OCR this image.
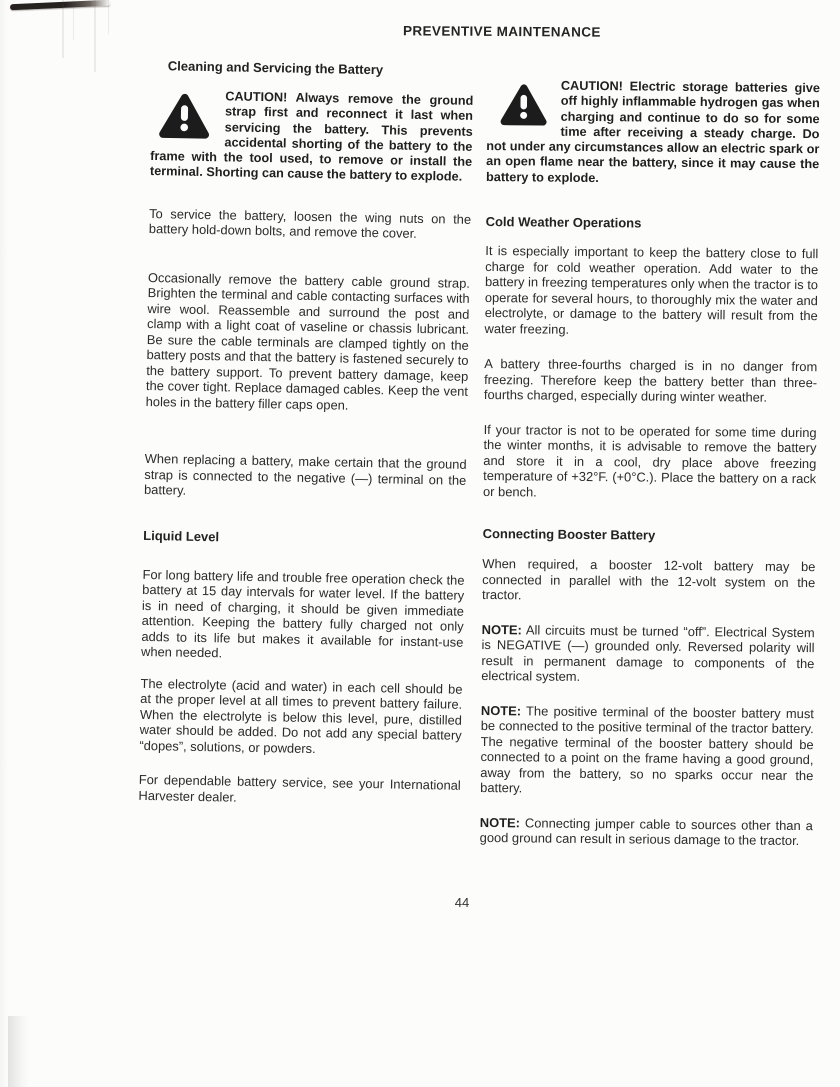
PREVENTIVE MAINTENANCE
Cleaning and Servicing the Battery

CAUTION! Always remove the ground strap first and reconnect it last when servicing the battery. This prevents accidental shorting of the battery to the frame with the tool used, to remove or install the terminal. Shorting can cause the battery to explode.

To service the battery, loosen the wing nuts on the battery hold-down bolts, and remove the cover.

Occasionally remove the battery cable ground strap. Brighten the terminal and cable contacting surfaces with wire wool. Reassemble and surround the post and clamp with a light coat of vaseline or chassis lubricant. Be sure the cable terminals are clamped tightly on the battery posts and that the battery is fastened securely to the battery support. To prevent battery damage, keep the cover tight. Replace damaged cables. Keep the vent holes in the battery filler caps open.

When replacing a battery, make certain that the ground strap is connected to the negative (—) terminal on the battery.

Liquid Level

For long battery life and trouble free operation check the battery at 15 day intervals for water level. If the battery is in need of charging, it should be given immediate attention. Keeping the battery fully charged not only adds to its life but makes it available for instant-use when needed.

The electrolyte (acid and water) in each cell should be at the proper level at all times to prevent battery failure. When the electrolyte is below this level, pure, distilled water should be added. Do not add any special battery “dopes”, solutions, or powders.

For dependable battery service, see your International Harvester dealer.

CAUTION! Electric storage batteries give off highly inflammable hydrogen gas when charging and continue to do so for some time after receiving a steady charge. Do not under any circumstances allow an electric spark or an open flame near the battery, since it may cause the battery to explode.

Cold Weather Operations

It is especially important to keep the battery close to full charge for cold weather operation. Add water to the battery in freezing temperatures only when the tractor is to operate for several hours, to thoroughly mix the water and electrolyte, or damage to the battery will result from the water freezing.

A battery three-fourths charged is in no danger from freezing. Therefore keep the battery better than three-fourths charged, especially during winter weather.

If your tractor is not to be operated for some time during the winter months, it is advisable to remove the battery and store it in a cool, dry place above freezing temperature of +32°F. (+0°C.). Place the battery on a rack or bench.

Connecting Booster Battery

When required, a booster 12-volt battery may be connected in parallel with the 12-volt system on the tractor.

NOTE: All circuits must be turned “off”. Electrical System is NEGATIVE (—) grounded only. Reversed polarity will result in permanent damage to components of the electrical system.

NOTE: The positive terminal of the booster battery must be connected to the positive terminal of the tractor battery. The negative terminal of the booster battery should be connected to a point on the frame having a good ground, away from the battery, so no sparks occur near the battery.

NOTE: Connecting jumper cable to sources other than a good ground can result in serious damage to the tractor.

44
